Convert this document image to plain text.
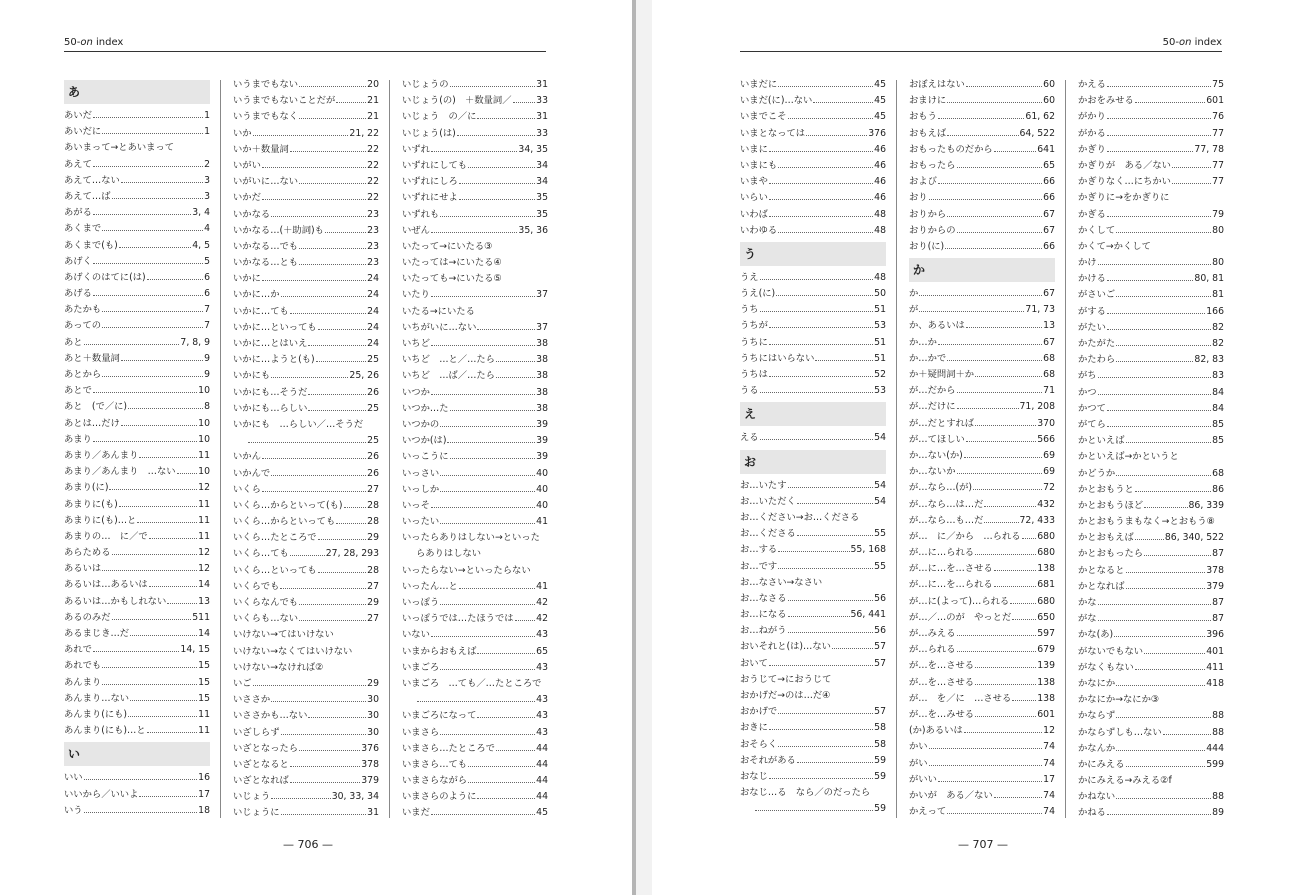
50-on index
あ
あいだ	1
あいだに	1
あいまって→とあいまって
あえて	2
あえて…ない	3
あえて…ば	3
あがる	3, 4
あくまで	4
あくまで(も)	4, 5
あげく	5
あげくのはてに(は)	6
あげる	6
あたかも	7
あっての	7
あと	7, 8, 9
あと＋数量詞	9
あとから	9
あとで	10
あと　(で／に)	8
あとは…だけ	10
あまり	10
あまり／あんまり	11
あまり／あんまり　…ない 10
あまり(に)	12
あまりに(も)	11
あまりに(も)…と	11
あまりの…　に／で	11
あらためる	12
あるいは	12
あるいは…あるいは	14
あるいは…かもしれない	13
あるのみだ	511
あるまじき…だ	14
あれで	14, 15
あれでも	15
あんまり	15
あんまり…ない	15
あんまり(にも)	11
あんまり(にも)…と	11
い
いい	16
いいから／いいよ	17
いう	18
いうまでもない	20
いうまでもないことだが	21
いうまでもなく	21
いか	21, 22
いか＋数量詞	22
いがい	22
いがいに…ない	22
いかだ	22
いかなる	23
いかなる…(＋助詞)も	23
いかなる…でも	23
いかなる…とも	23
いかに	24
いかに…か	24
いかに…ても	24
いかに…といっても	24
いかに…とはいえ	24
いかに…ようと(も)	25
いかにも	25, 26
いかにも…そうだ	26
いかにも…らしい	25
いかにも　…らしい／…そうだ
25
いかん	26
いかんで	26
いくら	27
いくら…からといって(も)	28
いくら…からといっても	28
いくら…たところで	29
いくら…ても	27, 28, 293
いくら…といっても	28
いくらでも	27
いくらなんでも	29
いくらも…ない	27
いけない→てはいけない
いけない→なくてはいけない
いけない→なければ②
いご	29
いささか	30
いささかも…ない	30
いざしらず	30
いざとなったら	376
いざとなると	378
いざとなれば	379
いじょう	30, 33, 34
いじょうに	31
いじょうの	31
いじょう(の)　＋数量詞／	33
いじょう　の／に	31
いじょう(は)	33
いずれ	34, 35
いずれにしても	34
いずれにしろ	34
いずれにせよ	35
いずれも	35
いぜん	35, 36
いたって→にいたる③
いたっては→にいたる④
いたっても→にいたる⑤
いたり	37
いたる→にいたる
いちがいに…ない	37
いちど	38
いちど　…と／…たら	38
いちど　…ば／…たら	38
いつか	38
いつか…た	38
いつかの	39
いつか(は)	39
いっこうに	39
いっさい	40
いっしか	40
いっそ	40
いったい	41
いったらありはしない→といった
らありはしない
いったらない→といったらない
いったん…と	41
いっぽう	42
いっぽうでは…たほうでは 42
いない	43
いまからおもえば	65
いまごろ	43
いまごろ　…ても／…たところで
43
いまごろになって	43
いまさら	43
いまさら…たところで	44
いまさら…ても	44
いまさらながら	44
いまさらのように	44
いまだ	45
— 706 —
50-on index
いまだに	45
いまだ(に)…ない	45
いまでこそ	45
いまとなっては	376
いまに	46
いまにも	46
いまや	46
いらい	46
いわば	48
いわゆる	48
う
うえ	48
うえ(に)	50
うち	51
うちが	53
うちに	51
うちにはいらない	51
うちは	52
うる	53
え
える	54
お
お…いたす	54
お…いただく	54
お…ください→お…くださる
お…くださる	55
お…する	55, 168
お…です	55
お…なさい→なさい
お…なさる	56
お…になる	56, 441
お…ねがう	56
おいそれと(は)…ない	57
おいて	57
おうじて→におうじて
おかげだ→のは…だ④
おかげで	57
おきに	58
おそらく	58
おそれがある	59
おなじ	59
おなじ…る　なら／のだったら
59
おぼえはない	60
おまけに	60
おもう	61, 62
おもえば	64, 522
おもったものだから	641
おもったら	65
および	66
おり	66
おりから	67
おりからの	67
おり(に)	66
か
か	67
が	71, 73
か、あるいは	13
か…か	67
か…かで	68
か＋疑問詞＋か	68
が…だから	71
が…だけに	71, 208
が…だとすれば	370
が…てほしい	566
か…ない(か)	69
か…ないか	69
が…なら…(が)	72
が…なら…は…だ	432
が…なら…も…だ	72, 433
が…　に／から　…られる 680
が…に…られる	680
が…に…を…させる	138
が…に…を…られる	681
が…に(よって)…られる	680
が…／…のが　やっとだ	650
が…みえる	597
が…られる	679
が…を…させる	139
が…を…させる	138
が…　を／に　…させる	138
が…を…みせる	601
(か)あるいは	12
かい	74
がい	74
がいい	17
かいが　ある／ない	74
かえって	74
かえる	75
かおをみせる	601
がかり	76
がかる	77
かぎり	77, 78
かぎりが　ある／ない	77
かぎりなく…にちかい	77
かぎりに→をかぎりに
かぎる	79
かくして	80
かくて→かくして
かけ	80
かける	80, 81
がさいご	81
がする	166
がたい	82
かたがた	82
かたわら	82, 83
がち	83
かつ	84
かつて	84
がてら	85
かといえば	85
かといえば→かというと
かどうか	68
かとおもうと	86
かとおもうほど	86, 339
かとおもうまもなく→とおもう⑧
かとおもえば	86, 340, 522
かとおもったら	87
かとなると	378
かとなれば	379
かな	87
がな	87
かな(あ)	396
がないでもない	401
がなくもない	411
かなにか	418
かなにか→なにか③
かならず	88
かならずしも…ない	88
かなんか	444
かにみえる	599
かにみえる→みえる②f
かねない	88
かねる	89
— 707 —
